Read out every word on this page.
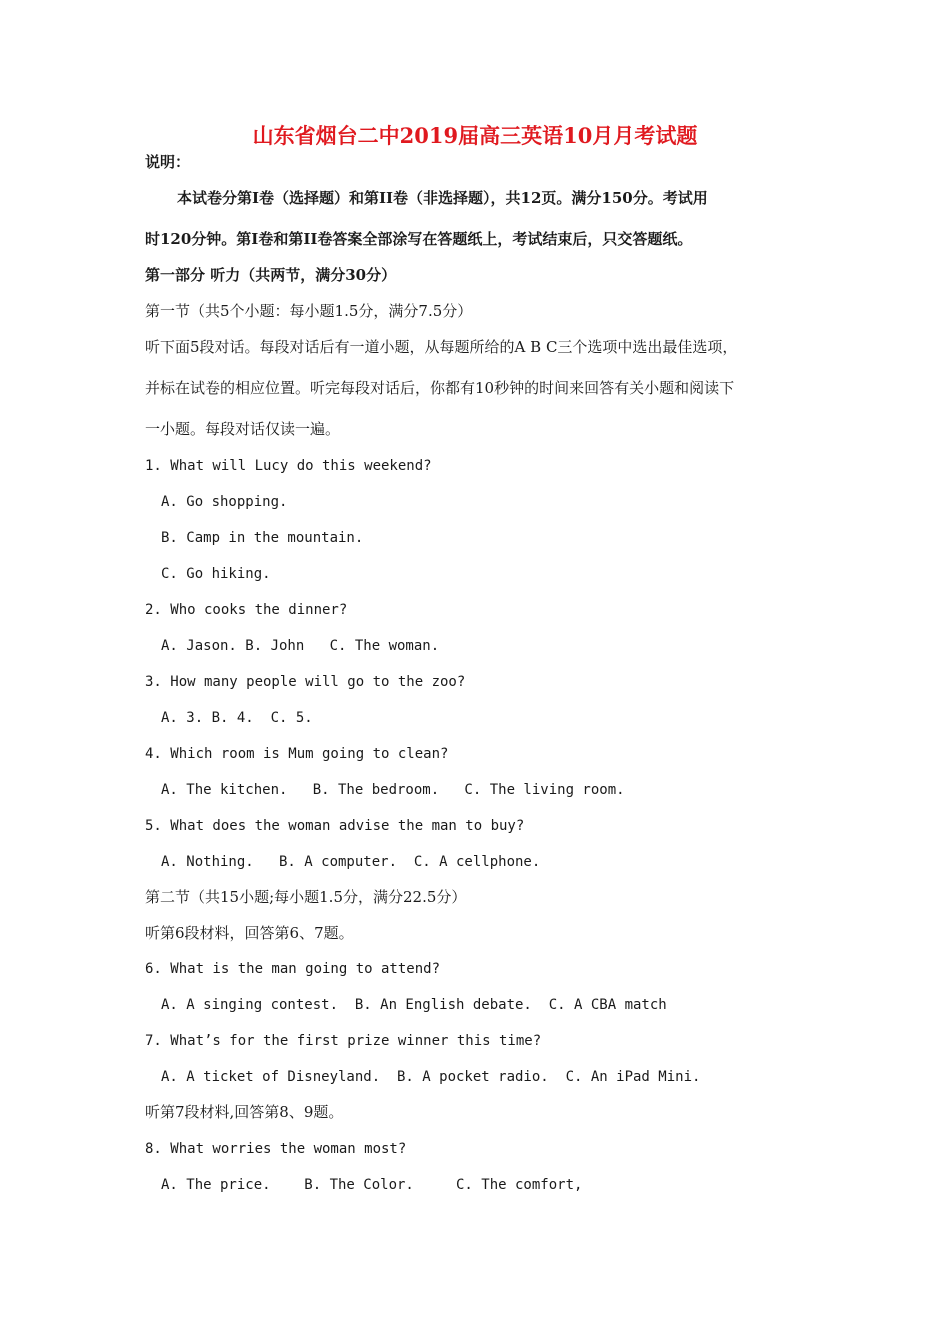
山东省烟台二中2019届高三英语10月月考试题
说明：
本试卷分第Ⅰ卷（选择题）和第II卷（非选择题），共12页。满分150分。考试用
时120分钟。第Ⅰ卷和第II卷答案全部涂写在答题纸上，考试结束后，只交答题纸。
第一部分 听力（共两节，满分30分）
第一节（共5个小题：每小题1.5分，满分7.5分）
听下面5段对话。每段对话后有一道小题，从每题所给的A B C三个选项中选出最佳选项，
并标在试卷的相应位置。听完每段对话后，你都有10秒钟的时间来回答有关小题和阅读下
一小题。每段对话仅读一遍。
1. What will Lucy do this weekend?
A. Go shopping.
B. Camp in the mountain.
C. Go hiking.
2. Who cooks the dinner?
A. Jason. B. John   C. The woman.
3. How many people will go to the zoo?
A. 3. B. 4.  C. 5.
4. Which room is Mum going to clean?
A. The kitchen.   B. The bedroom.   C. The living room.
5. What does the woman advise the man to buy?
A. Nothing.   B. A computer.  C. A cellphone.
第二节（共15小题;每小题1.5分，满分22.5分）
听第6段材料，回答第6、7题。
6. What is the man going to attend?
A. A singing contest.  B. An English debate.  C. A CBA match
7. What’s for the first prize winner this time?
A. A ticket of Disneyland.  B. A pocket radio.  C. An iPad Mini.
听第7段材料,回答第8、9题。
8. What worries the woman most?
A. The price.    B. The Color.     C. The comfort,
